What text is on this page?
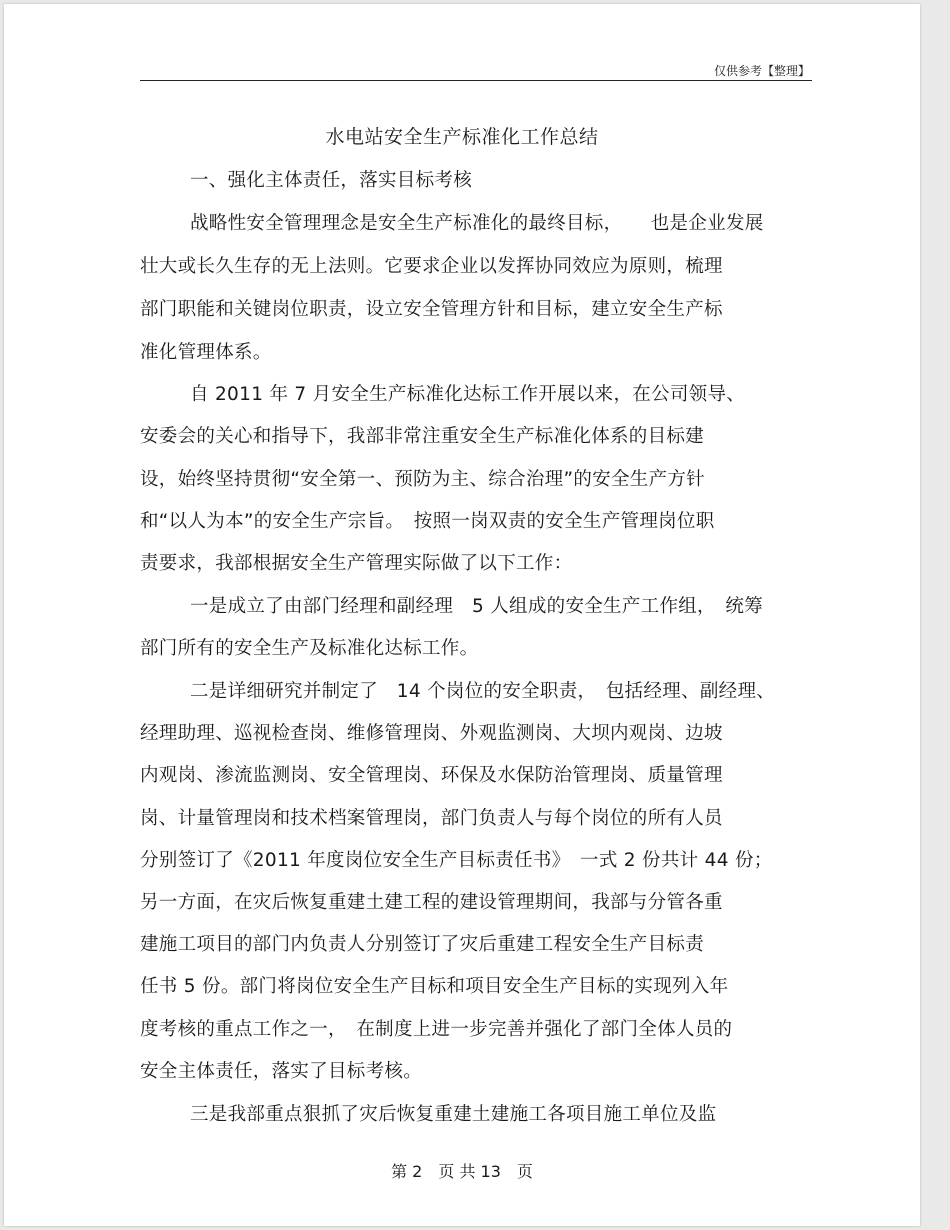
仅供参考【整理】
水电站安全生产标准化工作总结
一、强化主体责任，落实目标考核
战略性安全管理理念是安全生产标准化的最终目标，　　也是企业发展
壮大或长久生存的无上法则。它要求企业以发挥协同效应为原则，梳理
部门职能和关键岗位职责，设立安全管理方针和目标，建立安全生产标
准化管理体系。
自 2011 年 7 月安全生产标准化达标工作开展以来，在公司领导、
安委会的关心和指导下，我部非常注重安全生产标准化体系的目标建
设，始终坚持贯彻“安全第一、预防为主、综合治理”的安全生产方针
和“以人为本”的安全生产宗旨。　按照一岗双责的安全生产管理岗位职
责要求，我部根据安全生产管理实际做了以下工作：
一是成立了由部门经理和副经理　5 人组成的安全生产工作组，　统筹
部门所有的安全生产及标准化达标工作。
二是详细研究并制定了　14 个岗位的安全职责，　包括经理、副经理、
经理助理、巡视检查岗、维修管理岗、外观监测岗、大坝内观岗、边坡
内观岗、渗流监测岗、安全管理岗、环保及水保防治管理岗、质量管理
岗、计量管理岗和技术档案管理岗，部门负责人与每个岗位的所有人员
分别签订了《2011 年度岗位安全生产目标责任书》　一式 2 份共计 44 份；
另一方面，在灾后恢复重建土建工程的建设管理期间，我部与分管各重
建施工项目的部门内负责人分别签订了灾后重建工程安全生产目标责
任书 5 份。部门将岗位安全生产目标和项目安全生产目标的实现列入年
度考核的重点工作之一，　在制度上进一步完善并强化了部门全体人员的
安全主体责任，落实了目标考核。
三是我部重点狠抓了灾后恢复重建土建施工各项目施工单位及监
第 2　页 共 13　页
